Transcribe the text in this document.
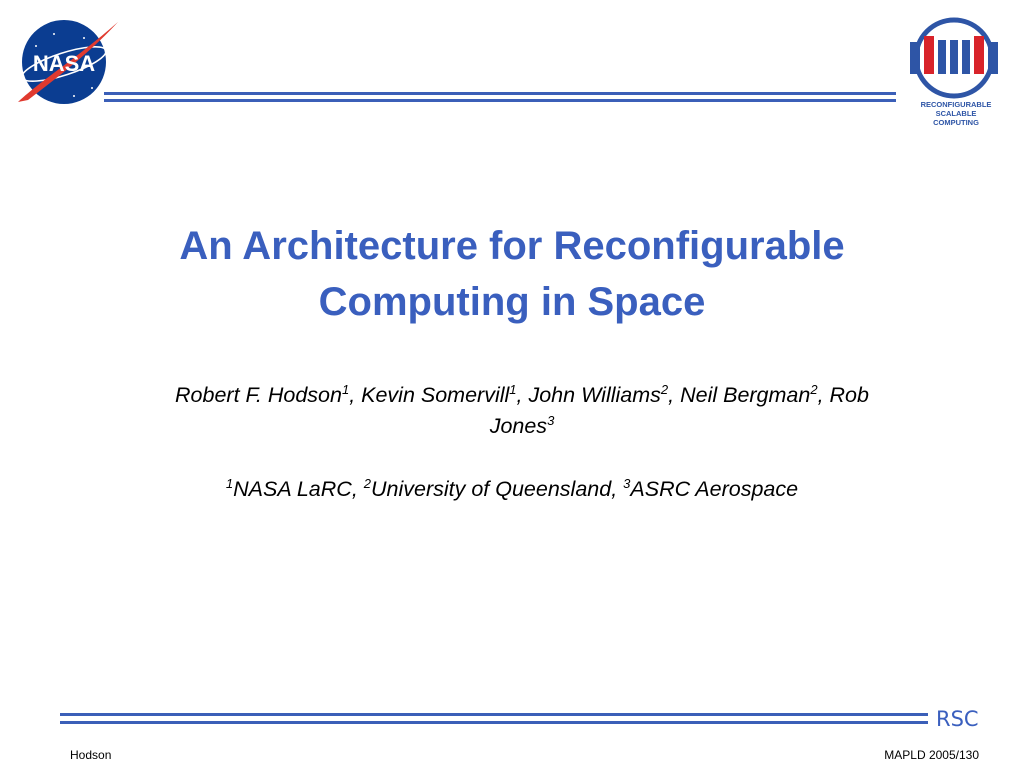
NASA
RECONFIGURABLE SCALABLE
COMPUTING
An Architecture for Reconfigurable
Computing in Space
Robert F. Hodson$^1$, Kevin Somervill$^1$, John Williams$^2$, Neil Bergman$^2$, Rob Jones$^3$
$^1$NASA LaRC, $^2$University of Queensland, $^3$ASRC Aerospace
RSC
Hodson	MAPLD 2005/130
